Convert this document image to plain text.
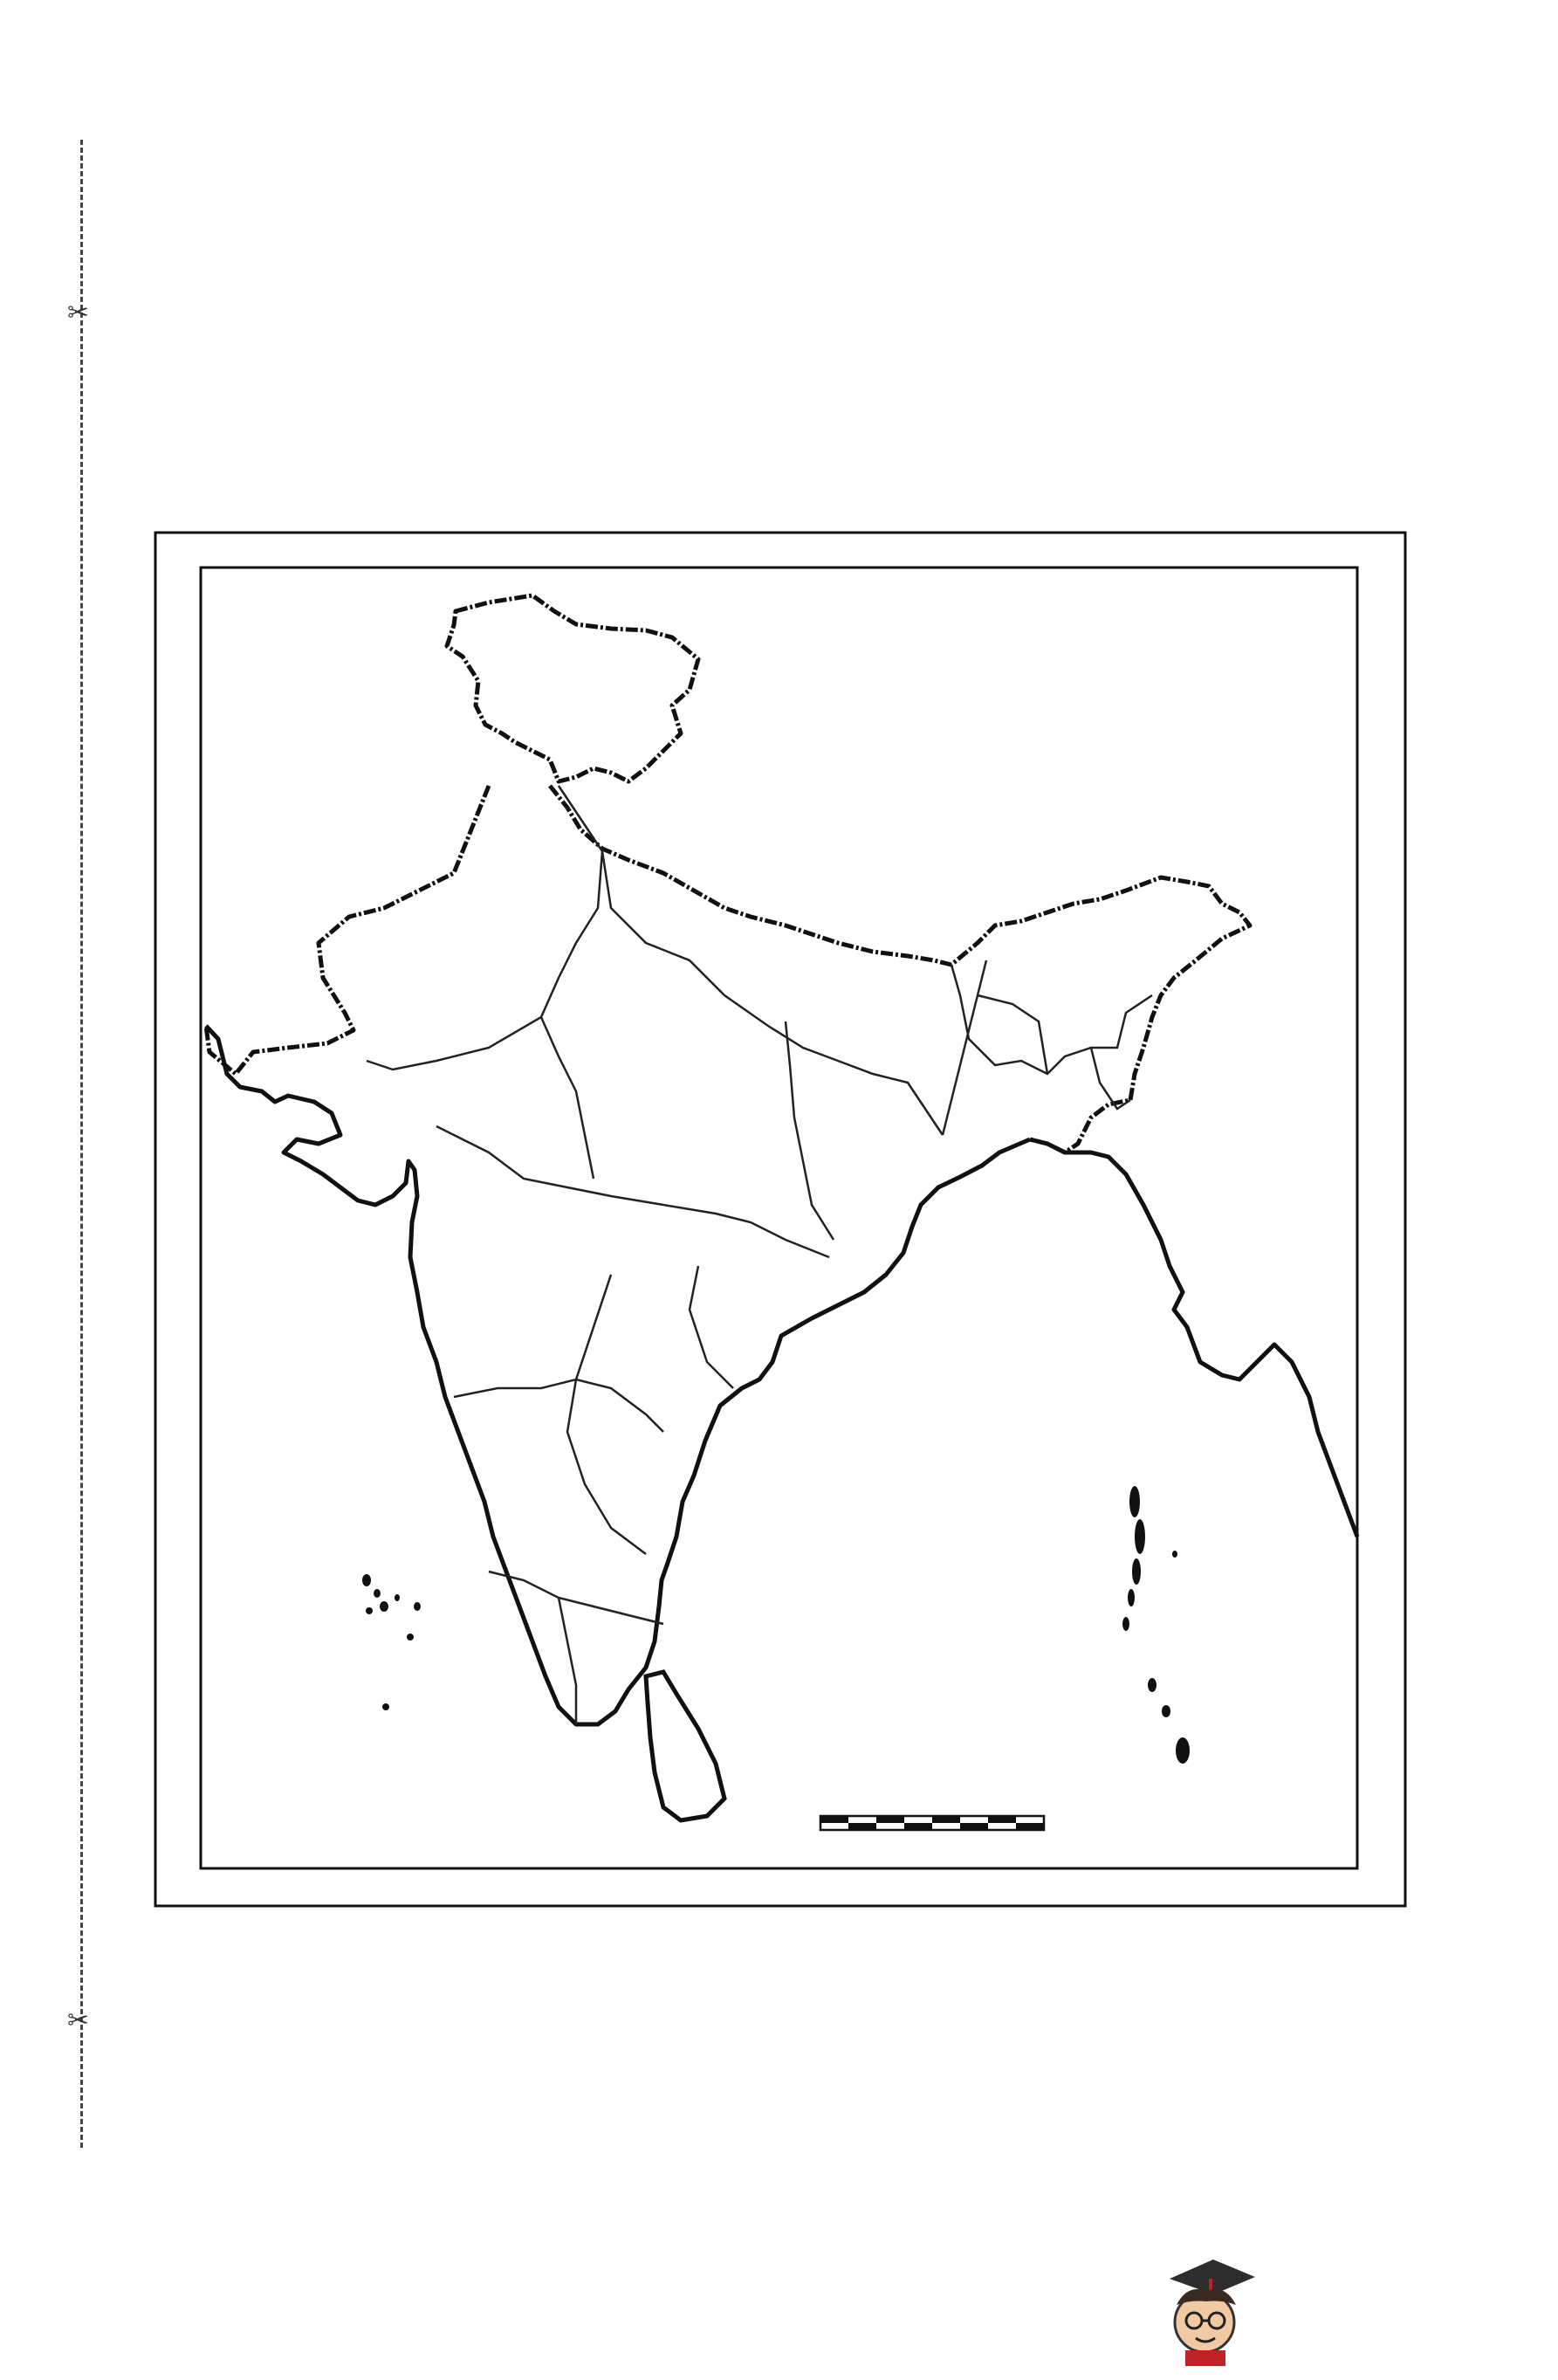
✂
✂
